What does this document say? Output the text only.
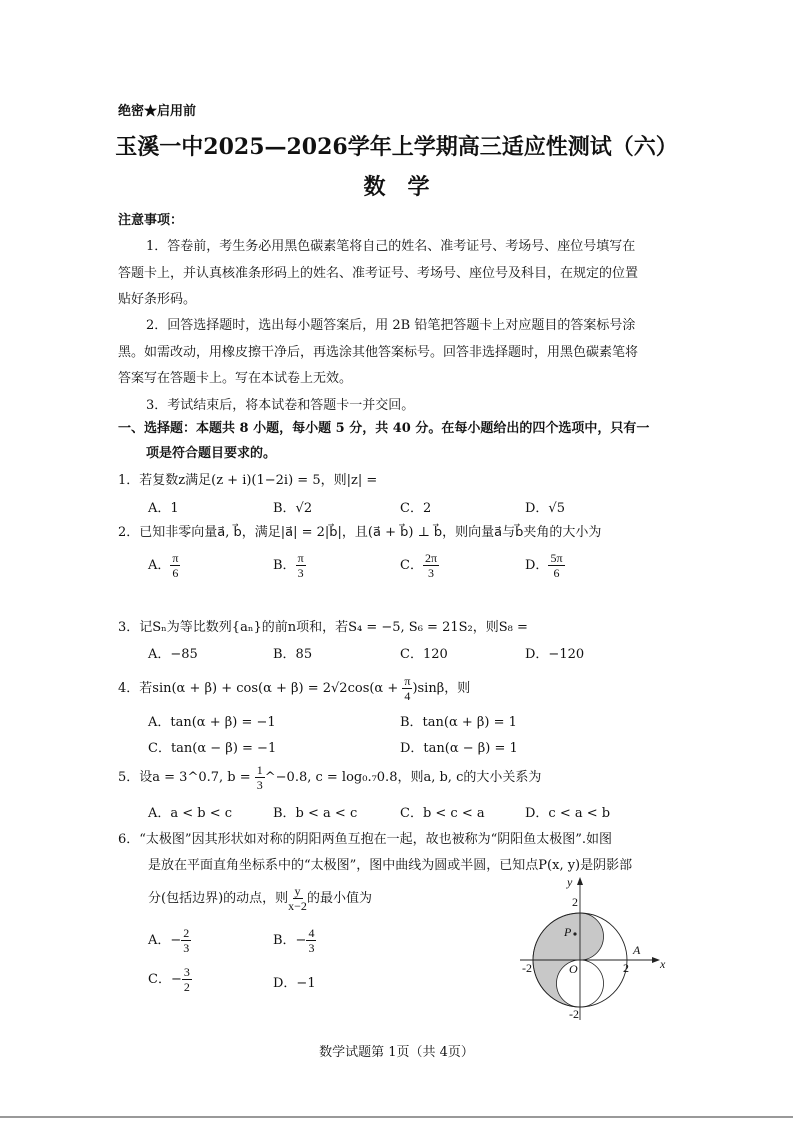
绝密★启用前
玉溪一中2025—2026学年上学期高三适应性测试（六）
数　学
注意事项：
1．答卷前，考生务必用黑色碳素笔将自己的姓名、准考证号、考场号、座位号填写在
答题卡上，并认真核准条形码上的姓名、准考证号、考场号、座位号及科目，在规定的位置
贴好条形码。
2．回答选择题时，选出每小题答案后，用 2B 铅笔把答题卡上对应题目的答案标号涂
黑。如需改动，用橡皮擦干净后，再选涂其他答案标号。回答非选择题时，用黑色碳素笔将
答案写在答题卡上。写在本试卷上无效。
3．考试结束后，将本试卷和答题卡一并交回。
一、选择题：本题共 8 小题，每小题 5 分，共 40 分。在每小题给出的四个选项中，只有一
项是符合题目要求的。
1．若复数z满足(z + i)(1−2i) = 5，则|z| =
A．1	B．√2	C．2	D．√5
2．已知非零向量a⃗, b⃗，满足|a⃗| = 2|b⃗|，且(a⃗ + b⃗) ⊥ b⃗，则向量a⃗与b⃗夹角的大小为
A． $\frac{\pi}{6}$	B． $\frac{\pi}{3}$	C． $\frac{2\pi}{3}$	D． $\frac{5\pi}{6}$
3．记Sₙ为等比数列{aₙ}的前n项和，若S₄ = −5, S₆ = 21S₂，则S₈ =
A．−85	B．85	C．120	D．−120
4．若$\sin(\alpha + \beta) + \cos(\alpha + \beta) = 2√2\cos(\alpha + \frac{\pi}{4} )\sin\beta$，则
A．tan(α + β) = −1	B．tan(α + β) = 1
C．tan(α − β) = −1	D．tan(α − β) = 1
5．设a = 3^0.7, $b = \frac{1}{3}$ ^−0.8, c = log₀.₇0.8，则a, b, c的大小关系为
A．a < b < c	B．b < a < c	C．b < c < a	D．c < a < b
6．“太极图”因其形状如对称的阴阳两鱼互抱在一起，故也被称为“阴阳鱼太极图”.如图
是放在平面直角坐标系中的“太极图”，图中曲线为圆或半圆，已知点P(x, y)是阴影部
分(包括边界)的动点，则 $\frac{y}{x-2}$ 的最小值为
A．− $\frac{2}{3}$	B．− $\frac{4}{3}$
C．− $\frac{3}{2}$	D．−1
y
x
2
-2
-2	2
O
A
P
数学试题第 1页（共 4页）
